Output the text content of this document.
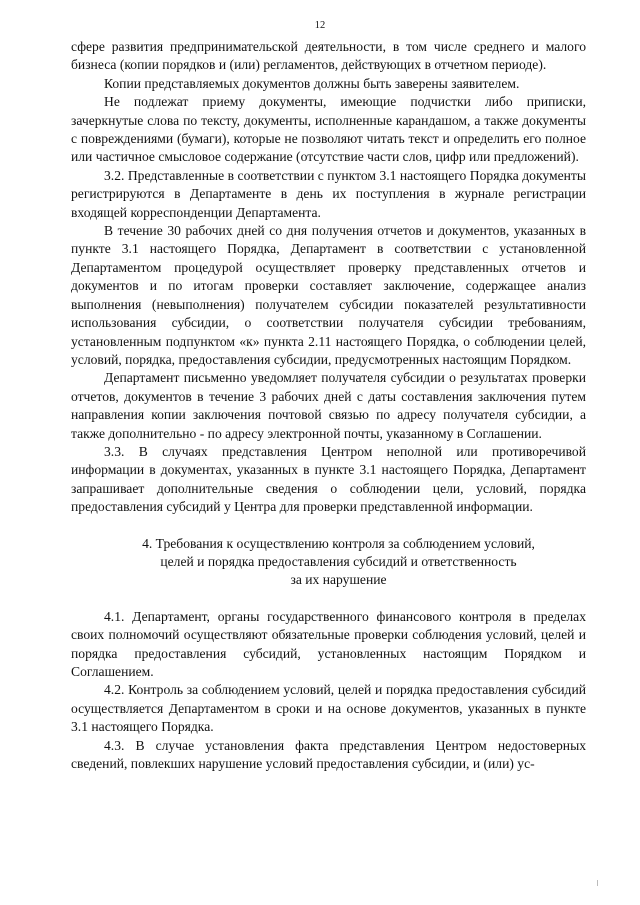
12

сфере развития предпринимательской деятельности, в том числе среднего и малого бизнеса (копии порядков и (или) регламентов, действующих в отчетном периоде).

Копии представляемых документов должны быть заверены заявителем.

Не подлежат приему документы, имеющие подчистки либо приписки, зачеркнутые слова по тексту, документы, исполненные карандашом, а также документы с повреждениями (бумаги), которые не позволяют читать текст и определить его полное или частичное смысловое содержание (отсутствие части слов, цифр или предложений).

3.2. Представленные в соответствии с пунктом 3.1 настоящего Порядка документы регистрируются в Департаменте в день их поступления в журнале регистрации входящей корреспонденции Департамента.

В течение 30 рабочих дней со дня получения отчетов и документов, указанных в пункте 3.1 настоящего Порядка, Департамент в соответствии с установленной Департаментом процедурой осуществляет проверку представленных отчетов и документов и по итогам проверки составляет заключение, содержащее анализ выполнения (невыполнения) получателем субсидии показателей результативности использования субсидии, о соответствии получателя субсидии требованиям, установленным подпунктом «к» пункта 2.11 настоящего Порядка, о соблюдении целей, условий, порядка, предоставления субсидии, предусмотренных настоящим Порядком.

Департамент письменно уведомляет получателя субсидии о результатах проверки отчетов, документов в течение 3 рабочих дней с даты составления заключения путем направления копии заключения почтовой связью по адресу получателя субсидии, а также дополнительно - по адресу электронной почты, указанному в Соглашении.

3.3. В случаях представления Центром неполной или противоречивой информации в документах, указанных в пункте 3.1 настоящего Порядка, Департамент запрашивает дополнительные сведения о соблюдении цели, условий, порядка предоставления субсидий у Центра для проверки представленной информации.

4. Требования к осуществлению контроля за соблюдением условий,
целей и порядка предоставления субсидий и ответственность
за их нарушение

4.1. Департамент, органы государственного финансового контроля в пределах своих полномочий осуществляют обязательные проверки соблюдения условий, целей и порядка предоставления субсидий, установленных настоящим Порядком и Соглашением.

4.2. Контроль за соблюдением условий, целей и порядка предоставления субсидий осуществляется Департаментом в сроки и на основе документов, указанных в пункте 3.1 настоящего Порядка.

4.3. В случае установления факта представления Центром недостоверных сведений, повлекших нарушение условий предоставления субсидии, и (или) ус-
